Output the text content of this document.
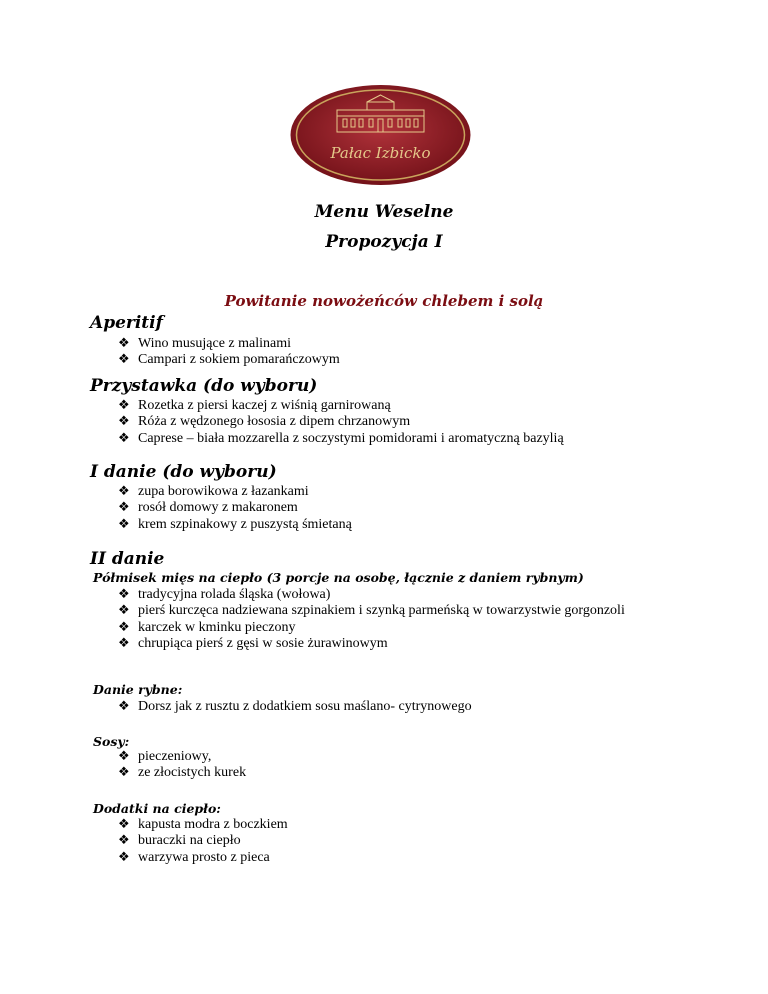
Pałac Izbicko
Menu Weselne
Propozycja I
Powitanie nowożeńców chlebem i solą
Aperitif
❖ Wino musujące z malinami
❖ Campari z sokiem pomarańczowym
Przystawka (do wyboru)
❖ Rozetka z piersi kaczej z wiśnią garnirowaną
❖ Róża z wędzonego łososia z dipem chrzanowym
❖ Caprese – biała mozzarella z soczystymi pomidorami i aromatyczną bazylią
I danie (do wyboru)
❖ zupa borowikowa z łazankami
❖ rosół domowy z makaronem
❖ krem szpinakowy z puszystą śmietaną
II danie
Półmisek mięs na ciepło (3 porcje na osobę, łącznie z daniem rybnym)
❖ tradycyjna rolada śląska (wołowa)
❖ pierś kurczęca nadziewana szpinakiem i szynką parmeńską w towarzystwie gorgonzoli
❖ karczek w kminku pieczony
❖ chrupiąca pierś z gęsi w sosie żurawinowym
Danie rybne:
❖ Dorsz jak z rusztu z dodatkiem sosu maślano- cytrynowego
Sosy:
❖ pieczeniowy,
❖ ze złocistych kurek
Dodatki na ciepło:
❖ kapusta modra z boczkiem
❖ buraczki na ciepło
❖ warzywa prosto z pieca
